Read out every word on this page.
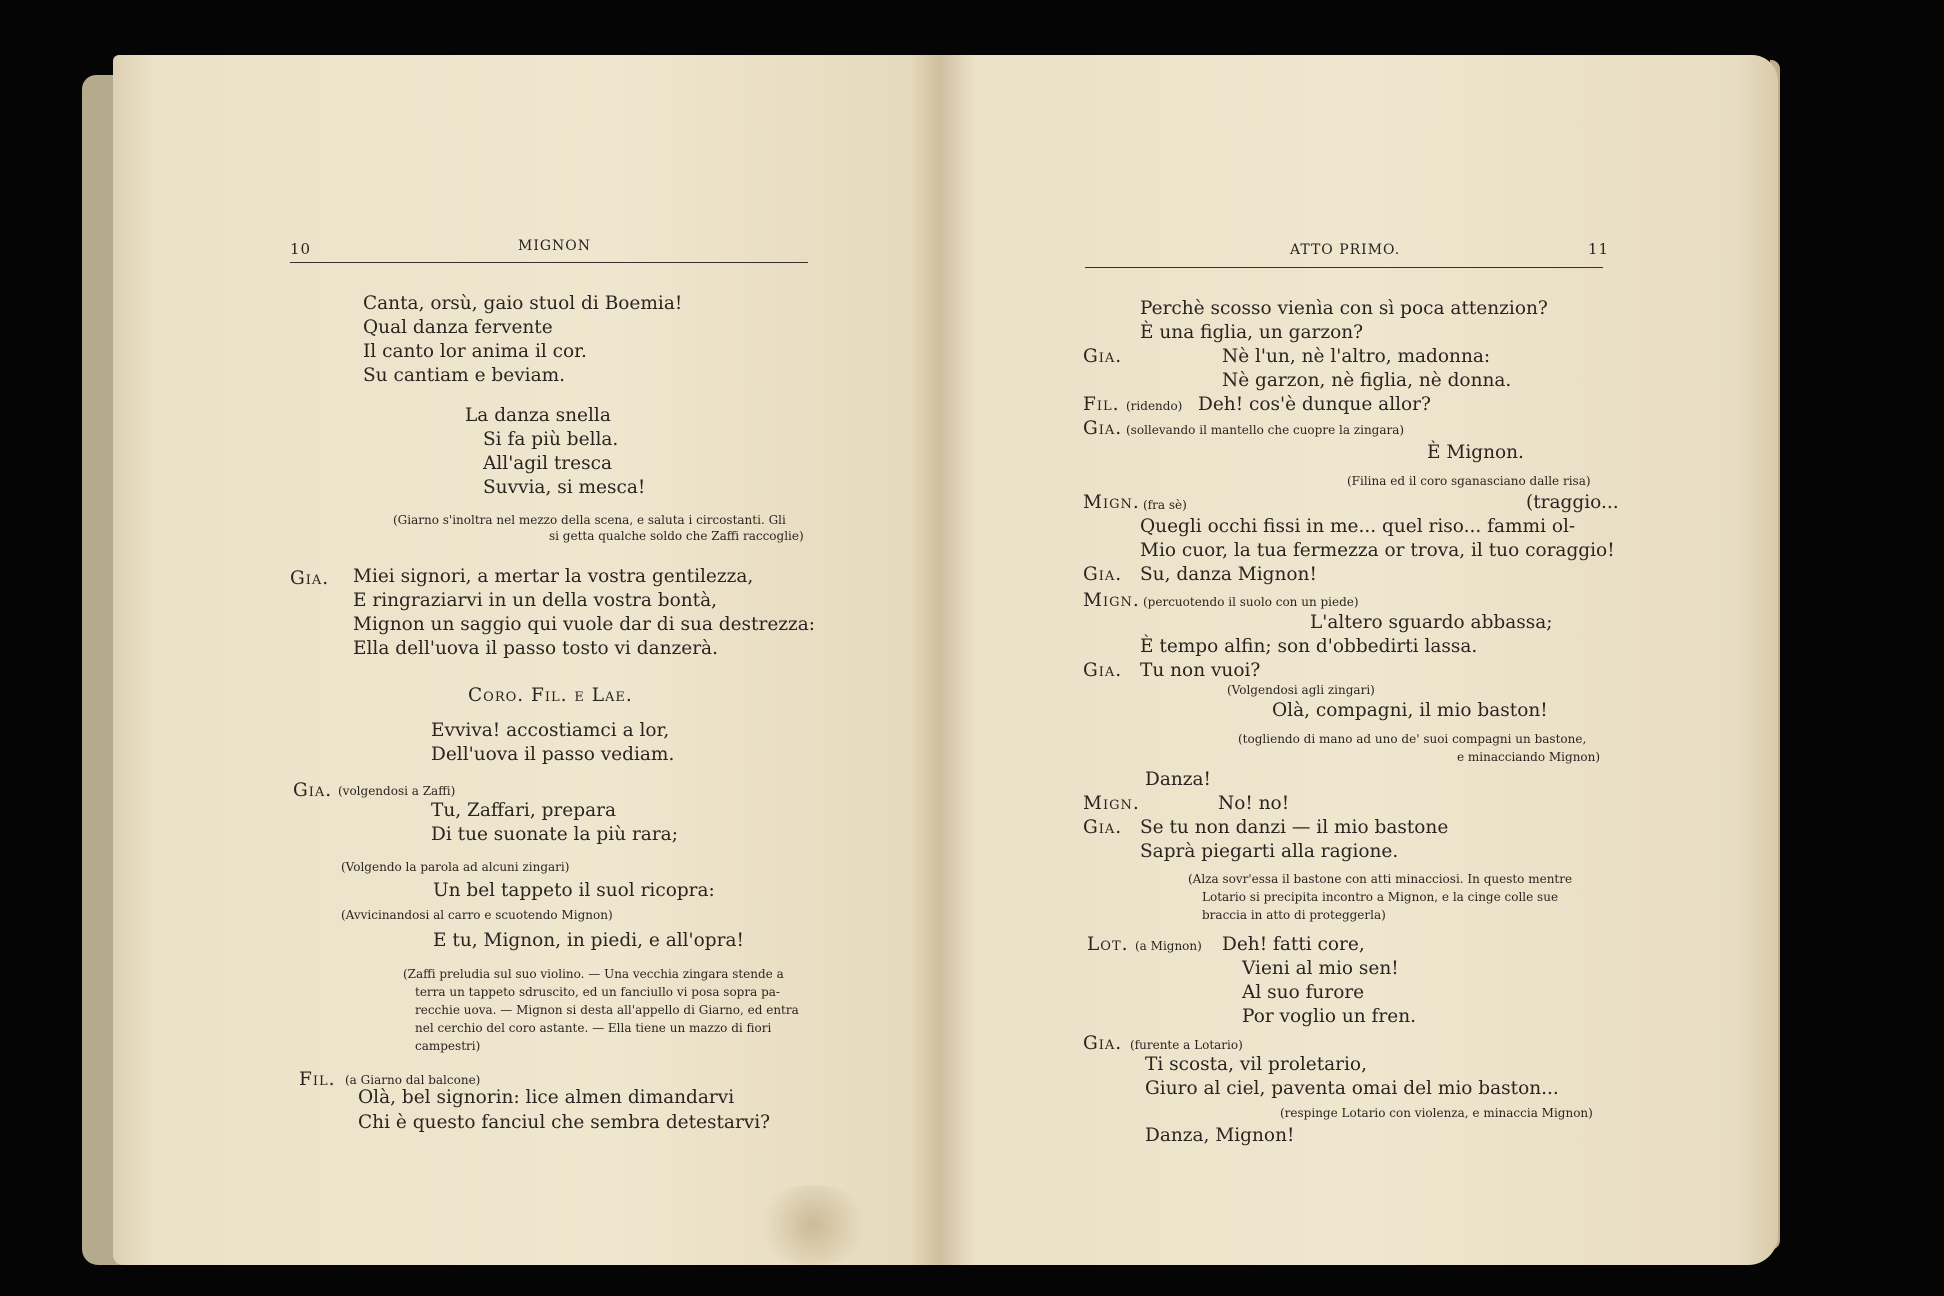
10	MIGNON
Canta, orsù, gaio stuol di Boemia!
Qual danza fervente
Il canto lor anima il cor.
Su cantiam e beviam.
La danza snella
Si fa più bella.
All'agil tresca
Suvvia, si mesca!
(Giarno s'inoltra nel mezzo della scena, e saluta i circostanti. Gli
si getta qualche soldo che Zaffi raccoglie)
Gia. Miei signori, a mertar la vostra gentilezza,
E ringraziarvi in un della vostra bontà,
Mignon un saggio qui vuole dar di sua destrezza:
Ella dell'uova il passo tosto vi danzerà.
Coro. Fil. e Lae.
Evviva! accostiamci a lor,
Dell'uova il passo vediam.
Gia. (volgendosi a Zaffi)
Tu, Zaffari, prepara
Di tue suonate la più rara;
(Volgendo la parola ad alcuni zingari)
Un bel tappeto il suol ricopra:
(Avvicinandosi al carro e scuotendo Mignon)
E tu, Mignon, in piedi, e all'opra!
(Zaffi preludia sul suo violino. — Una vecchia zingara stende a
terra un tappeto sdruscito, ed un fanciullo vi posa sopra pa-
recchie uova. — Mignon si desta all'appello di Giarno, ed entra
nel cerchio del coro astante. — Ella tiene un mazzo di fiori
campestri)
Fil. (a Giarno dal balcone)
Olà, bel signorin: lice almen dimandarvi
Chi è questo fanciul che sembra detestarvi?
ATTO PRIMO.	11
Perchè scosso vienìa con sì poca attenzion?
È una figlia, un garzon?
Gia.	Nè l'un, nè l'altro, madonna:
Nè garzon, nè figlia, nè donna.
Fil. (ridendo) Deh! cos'è dunque allor?
Gia. (sollevando il mantello che cuopre la zingara)
È Mignon.
(Filina ed il coro sganasciano dalle risa)
Mign. (fra sè)	(traggio...
Quegli occhi fissi in me... quel riso... fammi ol-
Mio cuor, la tua fermezza or trova, il tuo coraggio!
Gia. Su, danza Mignon!
Mign. (percuotendo il suolo con un piede)
L'altero sguardo abbassa;
È tempo alfin; son d'obbedirti lassa.
Gia. Tu non vuoi?
(Volgendosi agli zingari)
Olà, compagni, il mio baston!
(togliendo di mano ad uno de' suoi compagni un bastone,
e minacciando Mignon)
Danza!
Mign.	No! no!
Gia. Se tu non danzi — il mio bastone
Saprà piegarti alla ragione.
(Alza sovr'essa il bastone con atti minacciosi. In questo mentre
Lotario si precipita incontro a Mignon, e la cinge colle sue
braccia in atto di proteggerla)
Lot. (a Mignon) Deh! fatti core,
Vieni al mio sen!
Al suo furore
Por voglio un fren.
Gia. (furente a Lotario)
Ti scosta, vil proletario,
Giuro al ciel, paventa omai del mio baston...
(respinge Lotario con violenza, e minaccia Mignon)
Danza, Mignon!
